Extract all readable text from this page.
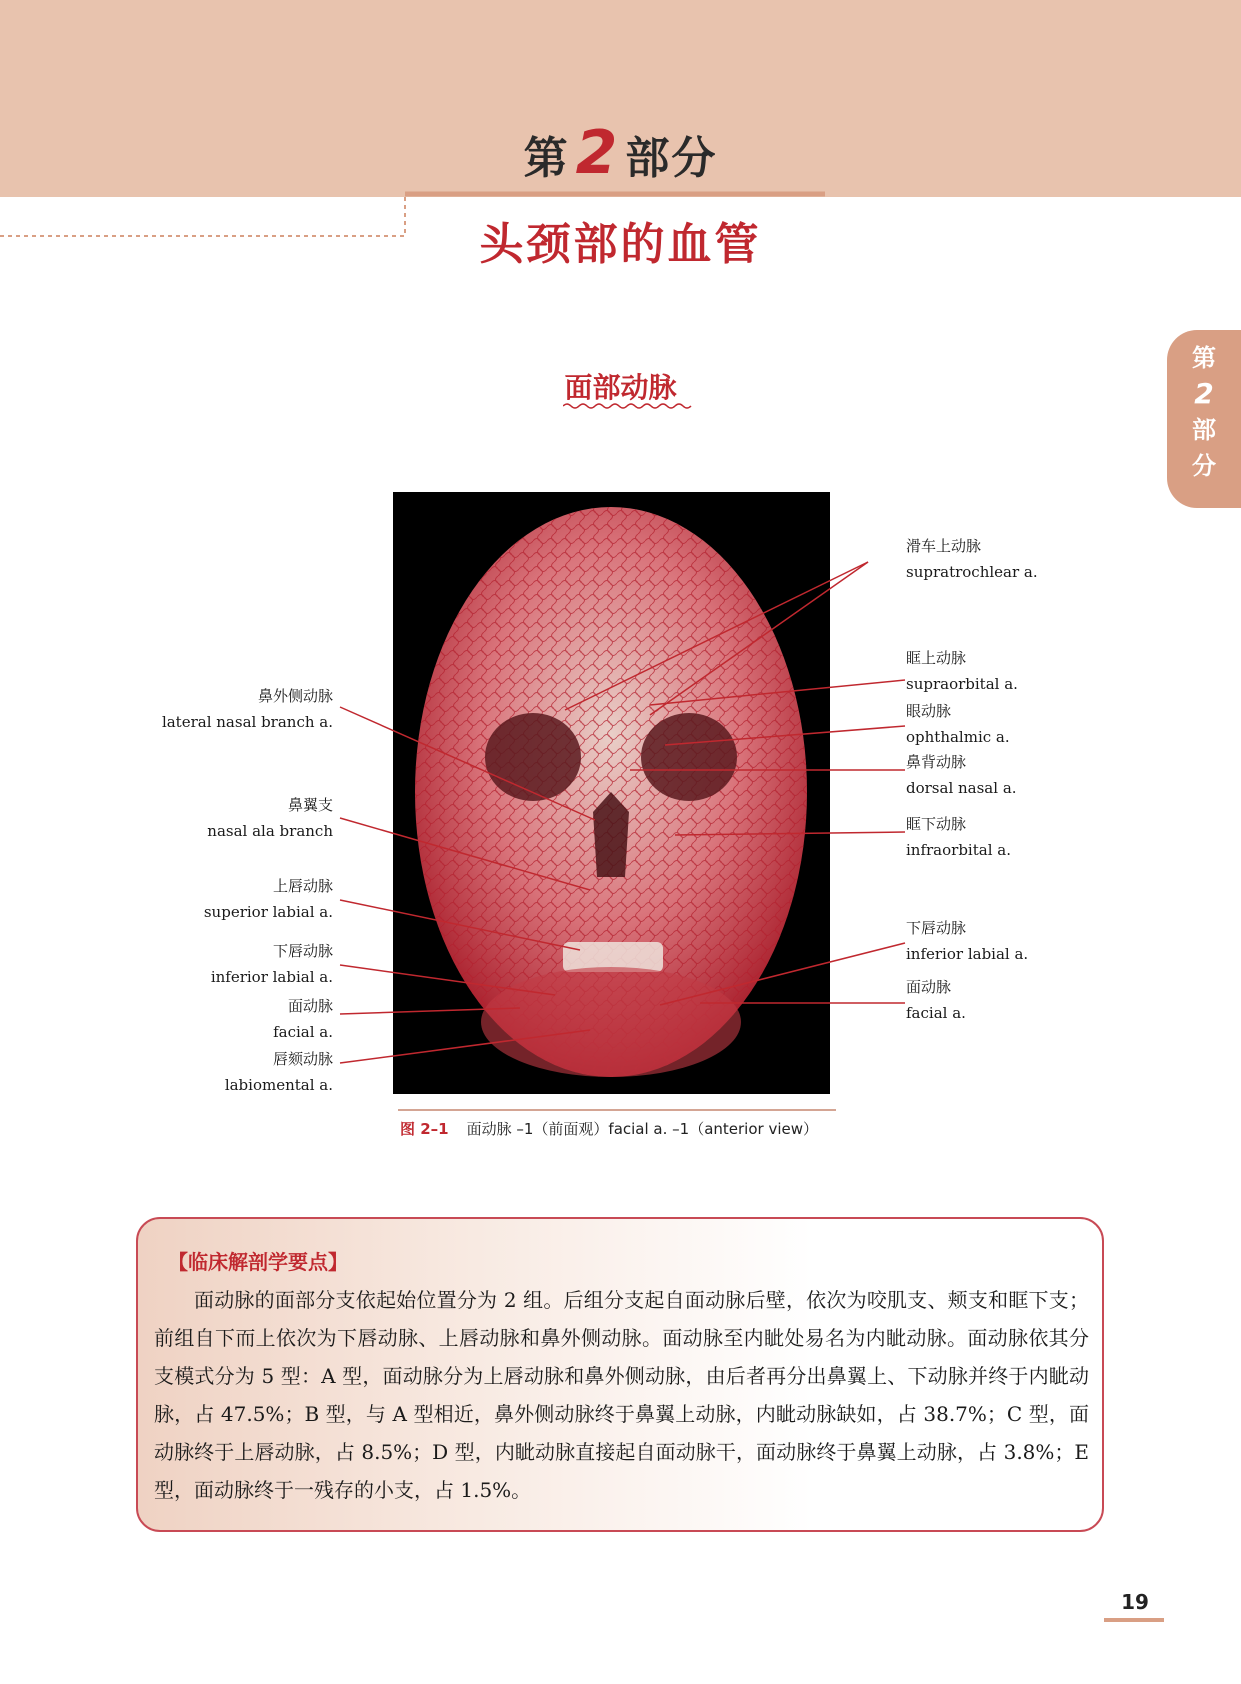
第 2 部分
头颈部的血管
第
2
部
分
面部动脉
鼻外侧动脉
lateral nasal branch a.
鼻翼支
nasal ala branch
上唇动脉
superior labial a.
下唇动脉
inferior labial a.
面动脉
facial a.
唇颏动脉
labiomental a.
滑车上动脉
supratrochlear a.
眶上动脉
supraorbital a.
眼动脉
ophthalmic a.
鼻背动脉
dorsal nasal a.
眶下动脉
infraorbital a.
下唇动脉
inferior labial a.
面动脉
facial a.
图 2–1 面动脉 –1（前面观）facial a. –1（anterior view）
【临床解剖学要点】
面动脉的面部分支依起始位置分为 2 组。后组分支起自面动脉后壁，依次为咬肌支、颊支和眶下支；前组自下而上依次为下唇动脉、上唇动脉和鼻外侧动脉。面动脉至内眦处易名为内眦动脉。面动脉依其分支模式分为 5 型：A 型，面动脉分为上唇动脉和鼻外侧动脉，由后者再分出鼻翼上、下动脉并终于内眦动脉，占 47.5%；B 型，与 A 型相近，鼻外侧动脉终于鼻翼上动脉，内眦动脉缺如，占 38.7%；C 型，面动脉终于上唇动脉，占 8.5%；D 型，内眦动脉直接起自面动脉干，面动脉终于鼻翼上动脉，占 3.8%；E 型，面动脉终于一残存的小支，占 1.5%。
19
